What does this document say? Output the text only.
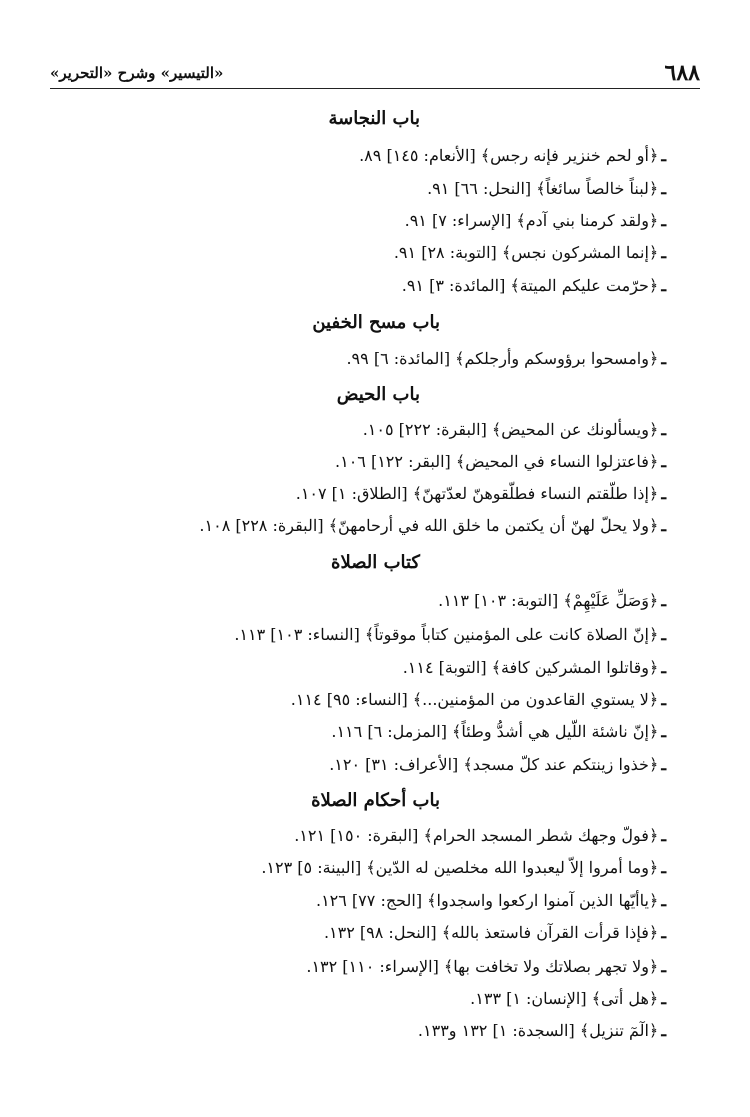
٦٨٨
«التيسير» وشرح «التحرير»
باب النجاسة
ـ﴿أو لحم خنزير فإنه رجس﴾ [الأنعام: ١٤٥] ٨٩.
ـ﴿لبناً خالصاً سائغاً﴾ [النحل: ٦٦] ٩١.
ـ﴿ولقد كرمنا بني آدم﴾ [الإسراء: ٧] ٩١.
ـ﴿إنما المشركون نجس﴾ [التوبة: ٢٨] ٩١.
ـ﴿حرّمت عليكم الميتة﴾ [المائدة: ٣] ٩١.
باب مسح الخفين
ـ﴿وامسحوا برؤوسكم وأرجلكم﴾ [المائدة: ٦] ٩٩.
باب الحيض
ـ﴿ويسألونك عن المحيض﴾ [البقرة: ٢٢٢] ١٠٥.
ـ﴿فاعتزلوا النساء في المحيض﴾ [البقر: ١٢٢] ١٠٦.
ـ﴿إذا طلّقتم النساء فطلّقوهنّ لعدّتهنّ﴾ [الطلاق: ١] ١٠٧.
ـ﴿ولا يحلّ لهنّ أن يكتمن ما خلق الله في أرحامهنّ﴾ [البقرة: ٢٢٨] ١٠٨.
كتاب الصلاة
ـ﴿وَصَلِّ عَلَيْهِمْ﴾ [التوبة: ١٠٣] ١١٣.
ـ﴿إنّ الصلاة كانت على المؤمنين كتاباً موقوتاً﴾ [النساء: ١٠٣] ١١٣.
ـ﴿وقاتلوا المشركين كافة﴾ [التوبة] ١١٤.
ـ﴿لا يستوي القاعدون من المؤمنين...﴾ [النساء: ٩٥] ١١٤.
ـ﴿إنّ ناشئة اللّيل هي أشدُّ وطئاً﴾ [المزمل: ٦] ١١٦.
ـ﴿خذوا زينتكم عند كلّ مسجد﴾ [الأعراف: ٣١] ١٢٠.
باب أحكام الصلاة
ـ﴿فولّ وجهك شطر المسجد الحرام﴾ [البقرة: ١٥٠] ١٢١.
ـ﴿وما أمروا إلاّ ليعبدوا الله مخلصين له الدّين﴾ [البينة: ٥] ١٢٣.
ـ﴿ياأيّها الذين آمنوا اركعوا واسجدوا﴾ [الحج: ٧٧] ١٢٦.
ـ﴿فإذا قرأت القرآن فاستعذ بالله﴾ [النحل: ٩٨] ١٣٢.
ـ﴿ولا تجهر بصلاتك ولا تخافت بها﴾ [الإسراء: ١١٠] ١٣٢.
ـ﴿هل أتى﴾ [الإنسان: ١] ١٣٣.
ـ﴿الٓمٓ تنزيل﴾ [السجدة: ١] ١٣٢ و١٣٣.
